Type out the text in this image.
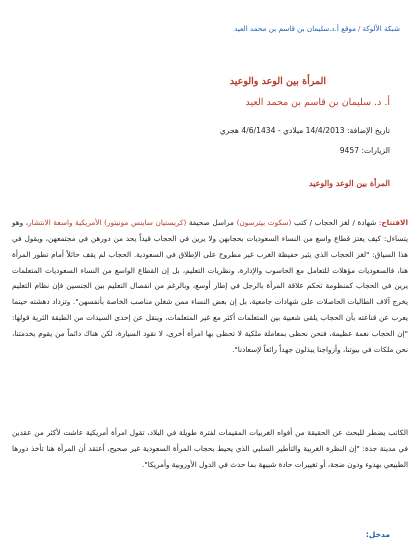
شبكة الألوكة/موقع أ.د.سليمان بن قاسم بن محمد العيد
المرأة بين الوعد والوعيد
أ. د. سليمان بن قاسم بن محمد العيد
تاريخ الإضافة: 14/4/2013 ميلادي - 4/6/1434 هجري
الزيارات: 9457
المرأة بين الوعد والوعيد

الافتتاح: شهادة / لغز الحجاب / كتب (سكوت بيترسون) مراسل صحيفة (كريستيان ساينس مونيتور) الأمريكية واسعة الانتشار، وهو يتساءل: كيف يعتز قطاع واسع من النساء السعوديات بحجابهن ولا يرين في الحجاب قيداً يحد من دورهن في مجتمعهن، ويقول في هذا السياق: "لغز الحجاب الذي يثير حفيظة الغرب غير مطروح على الإطلاق في السعودية. الحجاب لم يقف حائلاً أمام تطور المرأة هنا، فالسعوديات مؤهلات للتعامل مع الحاسوب والإدارة، ونظريات التعليم، بل إن القطاع الواسع من النساء السعوديات المتعلمات يرين في الحجاب كمنظومة تحكم علاقة المرأة بالرجل في إطار أوسع، وبالرغم من انفصال التعليم بين الجنسين فإن نظام التعليم يخرج آلاف الطالبات الحاصلات على شهادات جامعية، بل إن بعض النساء ممن شغلن مناصب الخاصة بأنفسهن". وتزداد دهشته حينما يعرب عن قناعته بأن الحجاب يلقى شعبية بين المتعلمات أكثر مع غير المتعلمات، وينقل عن إحدى السيدات من الطبقة الثرية قولها: "إن الحجاب نعمة عظيمة، فنحن نحظى بمعاملة ملكية لا تحظى بها امرأة أخرى، لا نقود السيارة، لكن هناك دائماً من يقوم بخدمتنا، نحن ملكات في بيوتنا، وأزواجنا يبذلون جهداً رائعاً لإسعادنا".

الكاتب يضطر للبحث عن الحقيقة من أفواه الغربيات المقيمات لفترة طويلة في البلاد، تقول امرأة أمريكية عاشت لأكثر من عقدين في مدينة جدة: "إن النظرة الغربية والتأطير السلبي الذي يحيط بحجاب المرأة السعودية غير صحيح، أعتقد أن المرأة هنا تأخذ دورها الطبيعي بهدوء ودون ضجة، أو تغييرات حادة شبيهة بما حدث في الدول الأوروبية وأمريكا".

مدخل:
